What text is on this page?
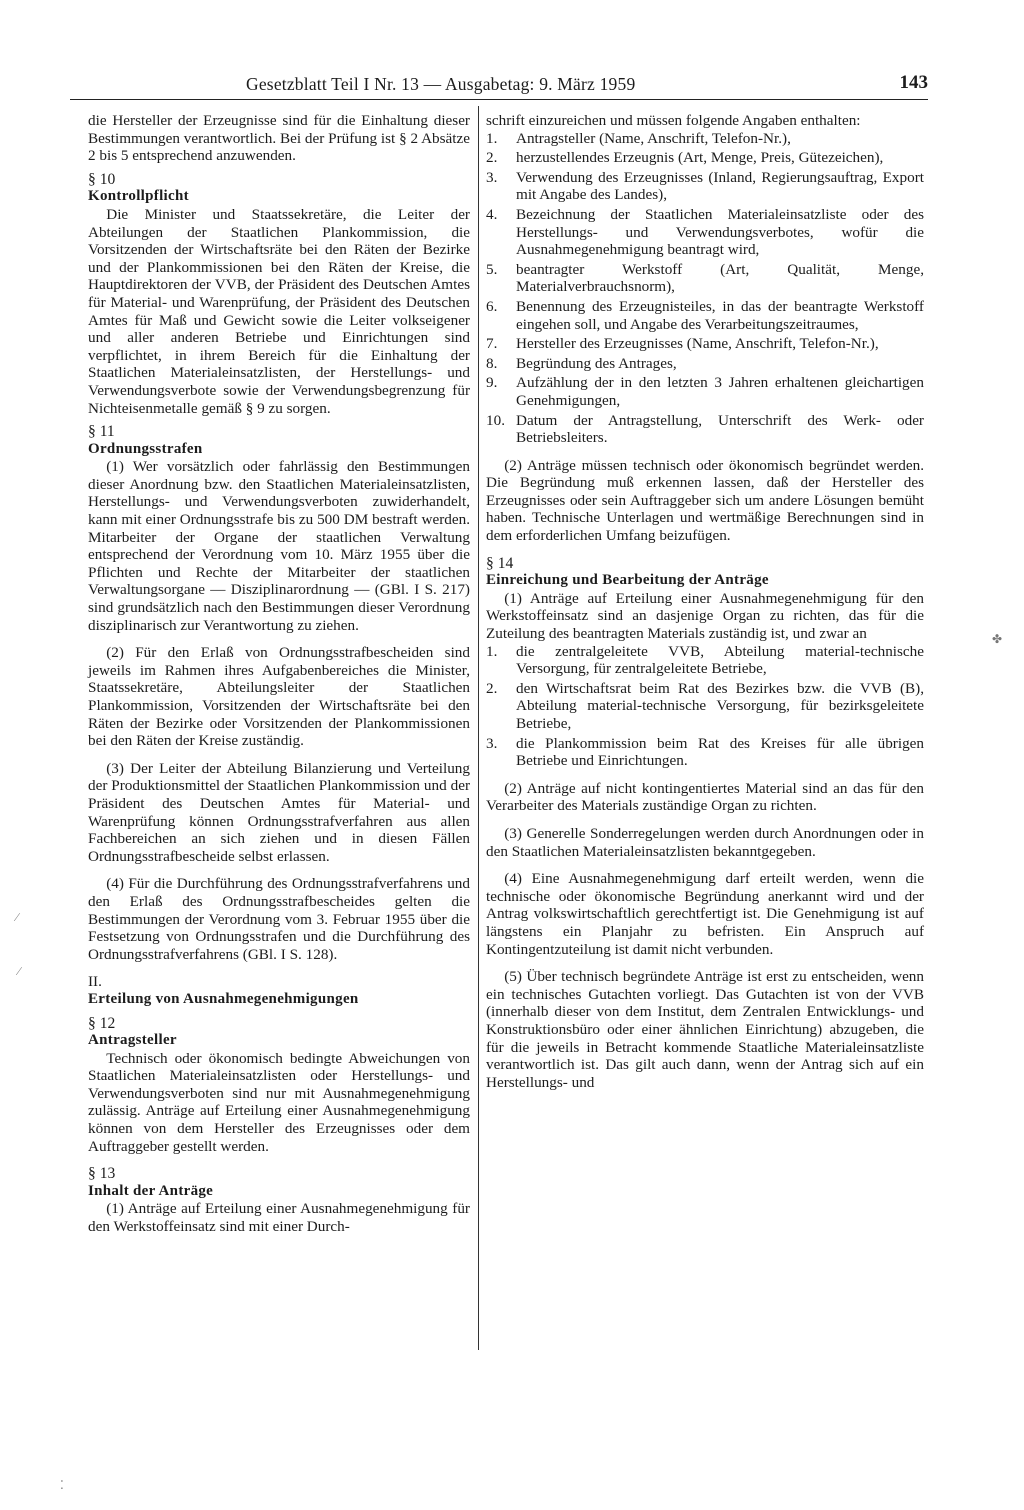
Gesetzblatt Teil I Nr. 13 — Ausgabetag: 9. März 1959	143

die Hersteller der Erzeugnisse sind für die Einhaltung dieser Bestimmungen verantwortlich. Bei der Prüfung ist § 2 Absätze 2 bis 5 entsprechend anzuwenden.

§ 10

Kontrollpflicht

Die Minister und Staatssekretäre, die Leiter der Abteilungen der Staatlichen Plankommission, die Vorsitzenden der Wirtschaftsräte bei den Räten der Bezirke und der Plankommissionen bei den Räten der Kreise, die Hauptdirektoren der VVB, der Präsident des Deutschen Amtes für Material- und Warenprüfung, der Präsident des Deutschen Amtes für Maß und Gewicht sowie die Leiter volkseigener und aller anderen Betriebe und Einrichtungen sind verpflichtet, in ihrem Bereich für die Einhaltung der Staatlichen Materialeinsatzlisten, der Herstellungs- und Verwendungsverbote sowie der Verwendungsbegrenzung für Nichteisenmetalle gemäß § 9 zu sorgen.

§ 11

Ordnungsstrafen

(1) Wer vorsätzlich oder fahrlässig den Bestimmungen dieser Anordnung bzw. den Staatlichen Materialeinsatzlisten, Herstellungs- und Verwendungsverboten zuwiderhandelt, kann mit einer Ordnungsstrafe bis zu 500 DM bestraft werden. Mitarbeiter der Organe der staatlichen Verwaltung entsprechend der Verordnung vom 10. März 1955 über die Pflichten und Rechte der Mitarbeiter der staatlichen Verwaltungsorgane — Disziplinarordnung — (GBl. I S. 217) sind grundsätzlich nach den Bestimmungen dieser Verordnung disziplinarisch zur Verantwortung zu ziehen.

(2) Für den Erlaß von Ordnungsstrafbescheiden sind jeweils im Rahmen ihres Aufgabenbereiches die Minister, Staatssekretäre, Abteilungsleiter der Staatlichen Plankommission, Vorsitzenden der Wirtschaftsräte bei den Räten der Bezirke oder Vorsitzenden der Plankommissionen bei den Räten der Kreise zuständig.

(3) Der Leiter der Abteilung Bilanzierung und Verteilung der Produktionsmittel der Staatlichen Plankommission und der Präsident des Deutschen Amtes für Material- und Warenprüfung können Ordnungsstrafverfahren aus allen Fachbereichen an sich ziehen und in diesen Fällen Ordnungsstrafbescheide selbst erlassen.

(4) Für die Durchführung des Ordnungsstrafverfahrens und den Erlaß des Ordnungsstrafbescheides gelten die Bestimmungen der Verordnung vom 3. Februar 1955 über die Festsetzung von Ordnungsstrafen und die Durchführung des Ordnungsstrafverfahrens (GBl. I S. 128).

II.

Erteilung von Ausnahmegenehmigungen

§ 12

Antragsteller

Technisch oder ökonomisch bedingte Abweichungen von Staatlichen Materialeinsatzlisten oder Herstellungs- und Verwendungsverboten sind nur mit Ausnahmegenehmigung zulässig. Anträge auf Erteilung einer Ausnahmegenehmigung können von dem Hersteller des Erzeugnisses oder dem Auftraggeber gestellt werden.

§ 13

Inhalt der Anträge

(1) Anträge auf Erteilung einer Ausnahmegenehmigung für den Werkstoffeinsatz sind mit einer Durch-

schrift einzureichen und müssen folgende Angaben enthalten:

1. Antragsteller (Name, Anschrift, Telefon-Nr.),
2. herzustellendes Erzeugnis (Art, Menge, Preis, Gütezeichen),
3. Verwendung des Erzeugnisses (Inland, Regierungsauftrag, Export mit Angabe des Landes),
4. Bezeichnung der Staatlichen Materialeinsatzliste oder des Herstellungs- und Verwendungsverbotes, wofür die Ausnahmegenehmigung beantragt wird,
5. beantragter Werkstoff (Art, Qualität, Menge, Materialverbrauchsnorm),
6. Benennung des Erzeugnisteiles, in das der beantragte Werkstoff eingehen soll, und Angabe des Verarbeitungszeitraumes,
7. Hersteller des Erzeugnisses (Name, Anschrift, Telefon-Nr.),
8. Begründung des Antrages,
9. Aufzählung der in den letzten 3 Jahren erhaltenen gleichartigen Genehmigungen,
10. Datum der Antragstellung, Unterschrift des Werk- oder Betriebsleiters.

(2) Anträge müssen technisch oder ökonomisch begründet werden. Die Begründung muß erkennen lassen, daß der Hersteller des Erzeugnisses oder sein Auftraggeber sich um andere Lösungen bemüht haben. Technische Unterlagen und wertmäßige Berechnungen sind in dem erforderlichen Umfang beizufügen.

§ 14

Einreichung und Bearbeitung der Anträge

(1) Anträge auf Erteilung einer Ausnahmegenehmigung für den Werkstoffeinsatz sind an dasjenige Organ zu richten, das für die Zuteilung des beantragten Materials zuständig ist, und zwar an

1. die zentralgeleitete VVB, Abteilung material-technische Versorgung, für zentralgeleitete Betriebe,
2. den Wirtschaftsrat beim Rat des Bezirkes bzw. die VVB (B), Abteilung material-technische Versorgung, für bezirksgeleitete Betriebe,
3. die Plankommission beim Rat des Kreises für alle übrigen Betriebe und Einrichtungen.

(2) Anträge auf nicht kontingentiertes Material sind an das für den Verarbeiter des Materials zuständige Organ zu richten.

(3) Generelle Sonderregelungen werden durch Anordnungen oder in den Staatlichen Materialeinsatzlisten bekanntgegeben.

(4) Eine Ausnahmegenehmigung darf erteilt werden, wenn die technische oder ökonomische Begründung anerkannt wird und der Antrag volkswirtschaftlich gerechtfertigt ist. Die Genehmigung ist auf längstens ein Planjahr zu befristen. Ein Anspruch auf Kontingentzuteilung ist damit nicht verbunden.

(5) Über technisch begründete Anträge ist erst zu entscheiden, wenn ein technisches Gutachten vorliegt. Das Gutachten ist von der VVB (innerhalb dieser von dem Institut, dem Zentralen Entwicklungs- und Konstruktionsbüro oder einer ähnlichen Einrichtung) abzugeben, die für die jeweils in Betracht kommende Staatliche Materialeinsatzliste verantwortlich ist. Das gilt auch dann, wenn der Antrag sich auf ein Herstellungs- und

✤
∕
∕
⁚
